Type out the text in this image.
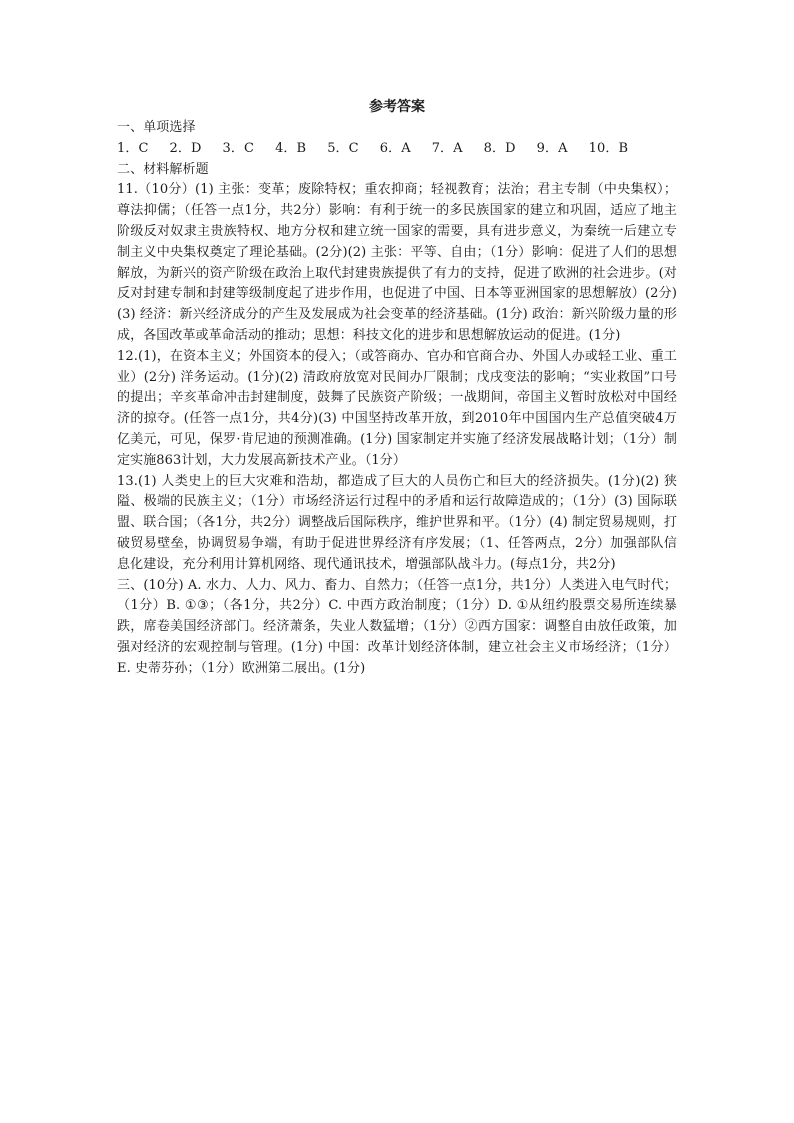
参考答案

一、单项选择

1．C 2．D 3．C 4．B 5．C 6．A 7．A 8．D 9．A 10．B

二、材料解析题

11.（10分）(1) 主张：变革；废除特权；重农抑商；轻视教育；法治；君主专制（中央集权）；尊法抑儒；（任答一点1分，共2分）影响：有利于统一的多民族国家的建立和巩固，适应了地主阶级反对奴隶主贵族特权、地方分权和建立统一国家的需要，具有进步意义，为秦统一后建立专制主义中央集权奠定了理论基础。(2分)(2) 主张：平等、自由；（1分）影响：促进了人们的思想解放，为新兴的资产阶级在政治上取代封建贵族提供了有力的支持，促进了欧洲的社会进步。(对反对封建专制和封建等级制度起了进步作用，也促进了中国、日本等亚洲国家的思想解放）(2分)(3) 经济：新兴经济成分的产生及发展成为社会变革的经济基础。(1分) 政治：新兴阶级力量的形成，各国改革或革命活动的推动；思想：科技文化的进步和思想解放运动的促进。(1分)

12.(1)，在资本主义；外国资本的侵入；（或答商办、官办和官商合办、外国人办或轻工业、重工业）(2分) 洋务运动。(1分)(2) 清政府放宽对民间办厂限制；戊戌变法的影响；“实业救国”口号的提出；辛亥革命冲击封建制度，鼓舞了民族资产阶级；一战期间，帝国主义暂时放松对中国经济的掠夺。(任答一点1分，共4分)(3) 中国坚持改革开放，到2010年中国国内生产总值突破4万亿美元，可见，保罗·肯尼迪的预测准确。(1分) 国家制定并实施了经济发展战略计划；（1分）制定实施863计划，大力发展高新技术产业。（1分）

13.(1) 人类史上的巨大灾难和浩劫，都造成了巨大的人员伤亡和巨大的经济损失。(1分)(2) 狭隘、极端的民族主义；（1分）市场经济运行过程中的矛盾和运行故障造成的；（1分）(3) 国际联盟、联合国；（各1分，共2分）调整战后国际秩序，维护世界和平。（1分）(4) 制定贸易规则，打破贸易壁垒，协调贸易争端，有助于促进世界经济有序发展；（1、任答两点，2分）加强部队信息化建设，充分利用计算机网络、现代通讯技术，增强部队战斗力。(每点1分，共2分)

三、(10分) A. 水力、人力、风力、畜力、自然力；（任答一点1分，共1分）人类进入电气时代；（1分）B. ①③；（各1分，共2分）C. 中西方政治制度；（1分）D. ①从纽约股票交易所连续暴跌，席卷美国经济部门。经济萧条，失业人数猛增；（1分）②西方国家：调整自由放任政策，加强对经济的宏观控制与管理。(1分) 中国：改革计划经济体制，建立社会主义市场经济；（1分）E. 史蒂芬孙；（1分）欧洲第二展出。(1分)
